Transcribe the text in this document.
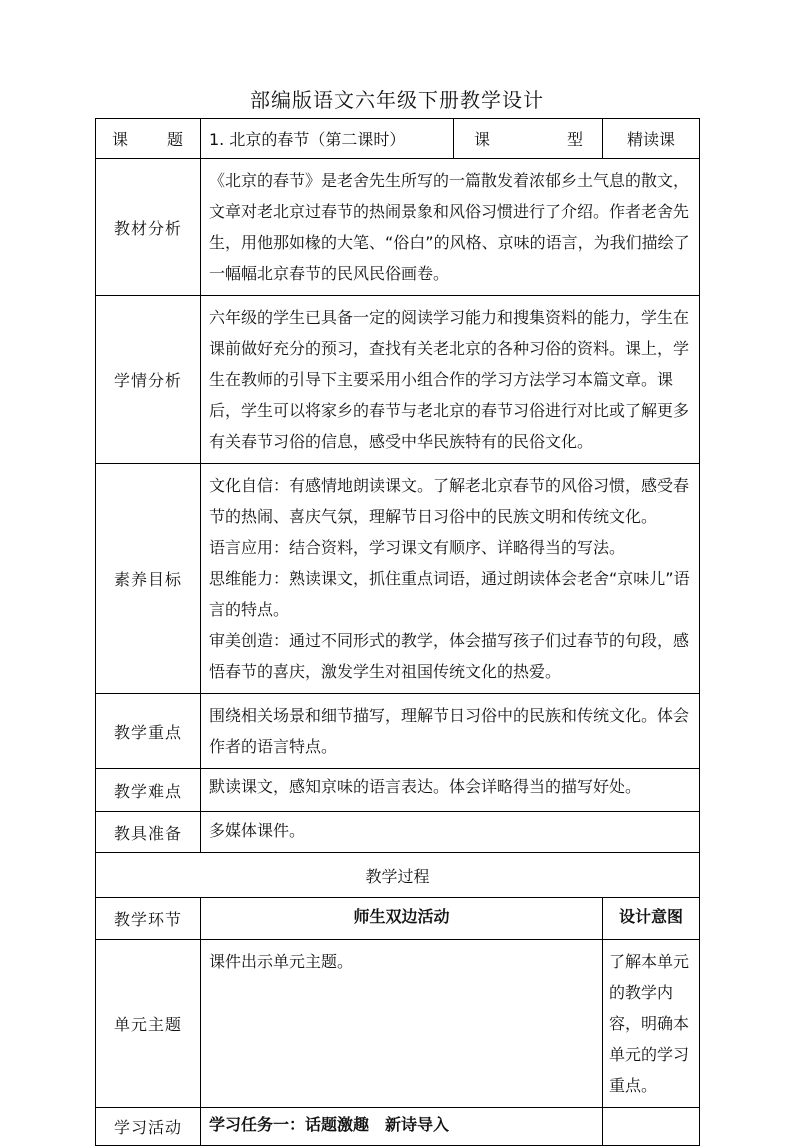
部编版语文六年级下册教学设计
课 题	1. 北京的春节（第二课时）	课 型	精读课
教材分析	《北京的春节》是老舍先生所写的一篇散发着浓郁乡土气息的散文，文章对老北京过春节的热闹景象和风俗习惯进行了介绍。作者老舍先生，用他那如椽的大笔、“俗白”的风格、京味的语言，为我们描绘了一幅幅北京春节的民风民俗画卷。		
学情分析	六年级的学生已具备一定的阅读学习能力和搜集资料的能力，学生在课前做好充分的预习，查找有关老北京的各种习俗的资料。课上，学生在教师的引导下主要采用小组合作的学习方法学习本篇文章。课后，学生可以将家乡的春节与老北京的春节习俗进行对比或了解更多有关春节习俗的信息，感受中华民族特有的民俗文化。		
素养目标	文化自信：有感情地朗读课文。了解老北京春节的风俗习惯，感受春节的热闹、喜庆气氛，理解节日习俗中的民族文明和传统文化。
语言应用：结合资料，学习课文有顺序、详略得当的写法。
思维能力：熟读课文，抓住重点词语，通过朗读体会老舍“京味儿”语言的特点。
审美创造：通过不同形式的教学，体会描写孩子们过春节的句段，感悟春节的喜庆，激发学生对祖国传统文化的热爱。		

教学重点	围绕相关场景和细节描写，理解节日习俗中的民族和传统文化。体会作者的语言特点。		
教学难点	默读课文，感知京味的语言表达。体会详略得当的描写好处。		
教具准备	多媒体课件。		
教学过程			
教学环节	师生双边活动		设计意图
单元主题	课件出示单元主题。		了解本单元的教学内容，明确本单元的学习重点。
学习活动	学习任务一：话题激趣　新诗导入		
